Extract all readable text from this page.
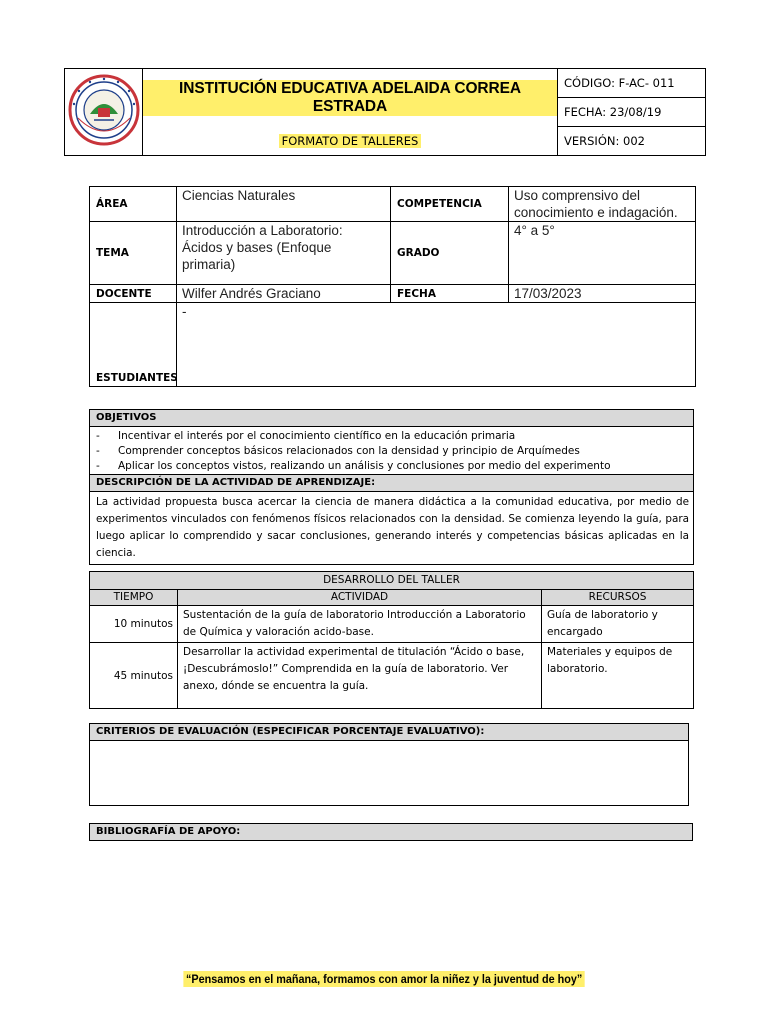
INSTITUCIÓN EDUCATIVA ADELAIDA CORREA ESTRADA
FORMATO DE TALLERES
	CÓDIGO: F-AC- 011
FECHA: 23/08/19
VERSIÓN: 002
ÁREA	Ciencias Naturales	COMPETENCIA	Uso comprensivo del conocimiento e indagación.
TEMA	Introducción a Laboratorio: Ácidos y bases (Enfoque primaria)	GRADO	4° a 5°
DOCENTE	Wilfer Andrés Graciano	FECHA	17/03/2023
ESTUDIANTES	-		
OBJETIVOS

- Incentivar el interés por el conocimiento científico en la educación primaria
- Comprender conceptos básicos relacionados con la densidad y principio de Arquímedes
- Aplicar los conceptos vistos, realizando un análisis y conclusiones por medio del experimento

DESCRIPCIÓN DE LA ACTIVIDAD DE APRENDIZAJE:
La actividad propuesta busca acercar la ciencia de manera didáctica a la comunidad educativa, por medio de experimentos vinculados con fenómenos físicos relacionados con la densidad. Se comienza leyendo la guía, para luego aplicar lo comprendido y sacar conclusiones, generando interés y competencias básicas aplicadas en la ciencia.
DESARROLLO DEL TALLER		
TIEMPO	ACTIVIDAD	RECURSOS
10 minutos	Sustentación de la guía de laboratorio Introducción a Laboratorio de Química y valoración acido-base.	Guía de laboratorio y encargado
45 minutos	Desarrollar la actividad experimental de titulación “Ácido o base, ¡Descubrámoslo!” Comprendida en la guía de laboratorio. Ver anexo, dónde se encuentra la guía.	Materiales y equipos de laboratorio.
CRITERIOS DE EVALUACIÓN (ESPECIFICAR PORCENTAJE EVALUATIVO):

BIBLIOGRAFÍA DE APOYO:
“Pensamos en el mañana, formamos con amor la niñez y la juventud de hoy”
